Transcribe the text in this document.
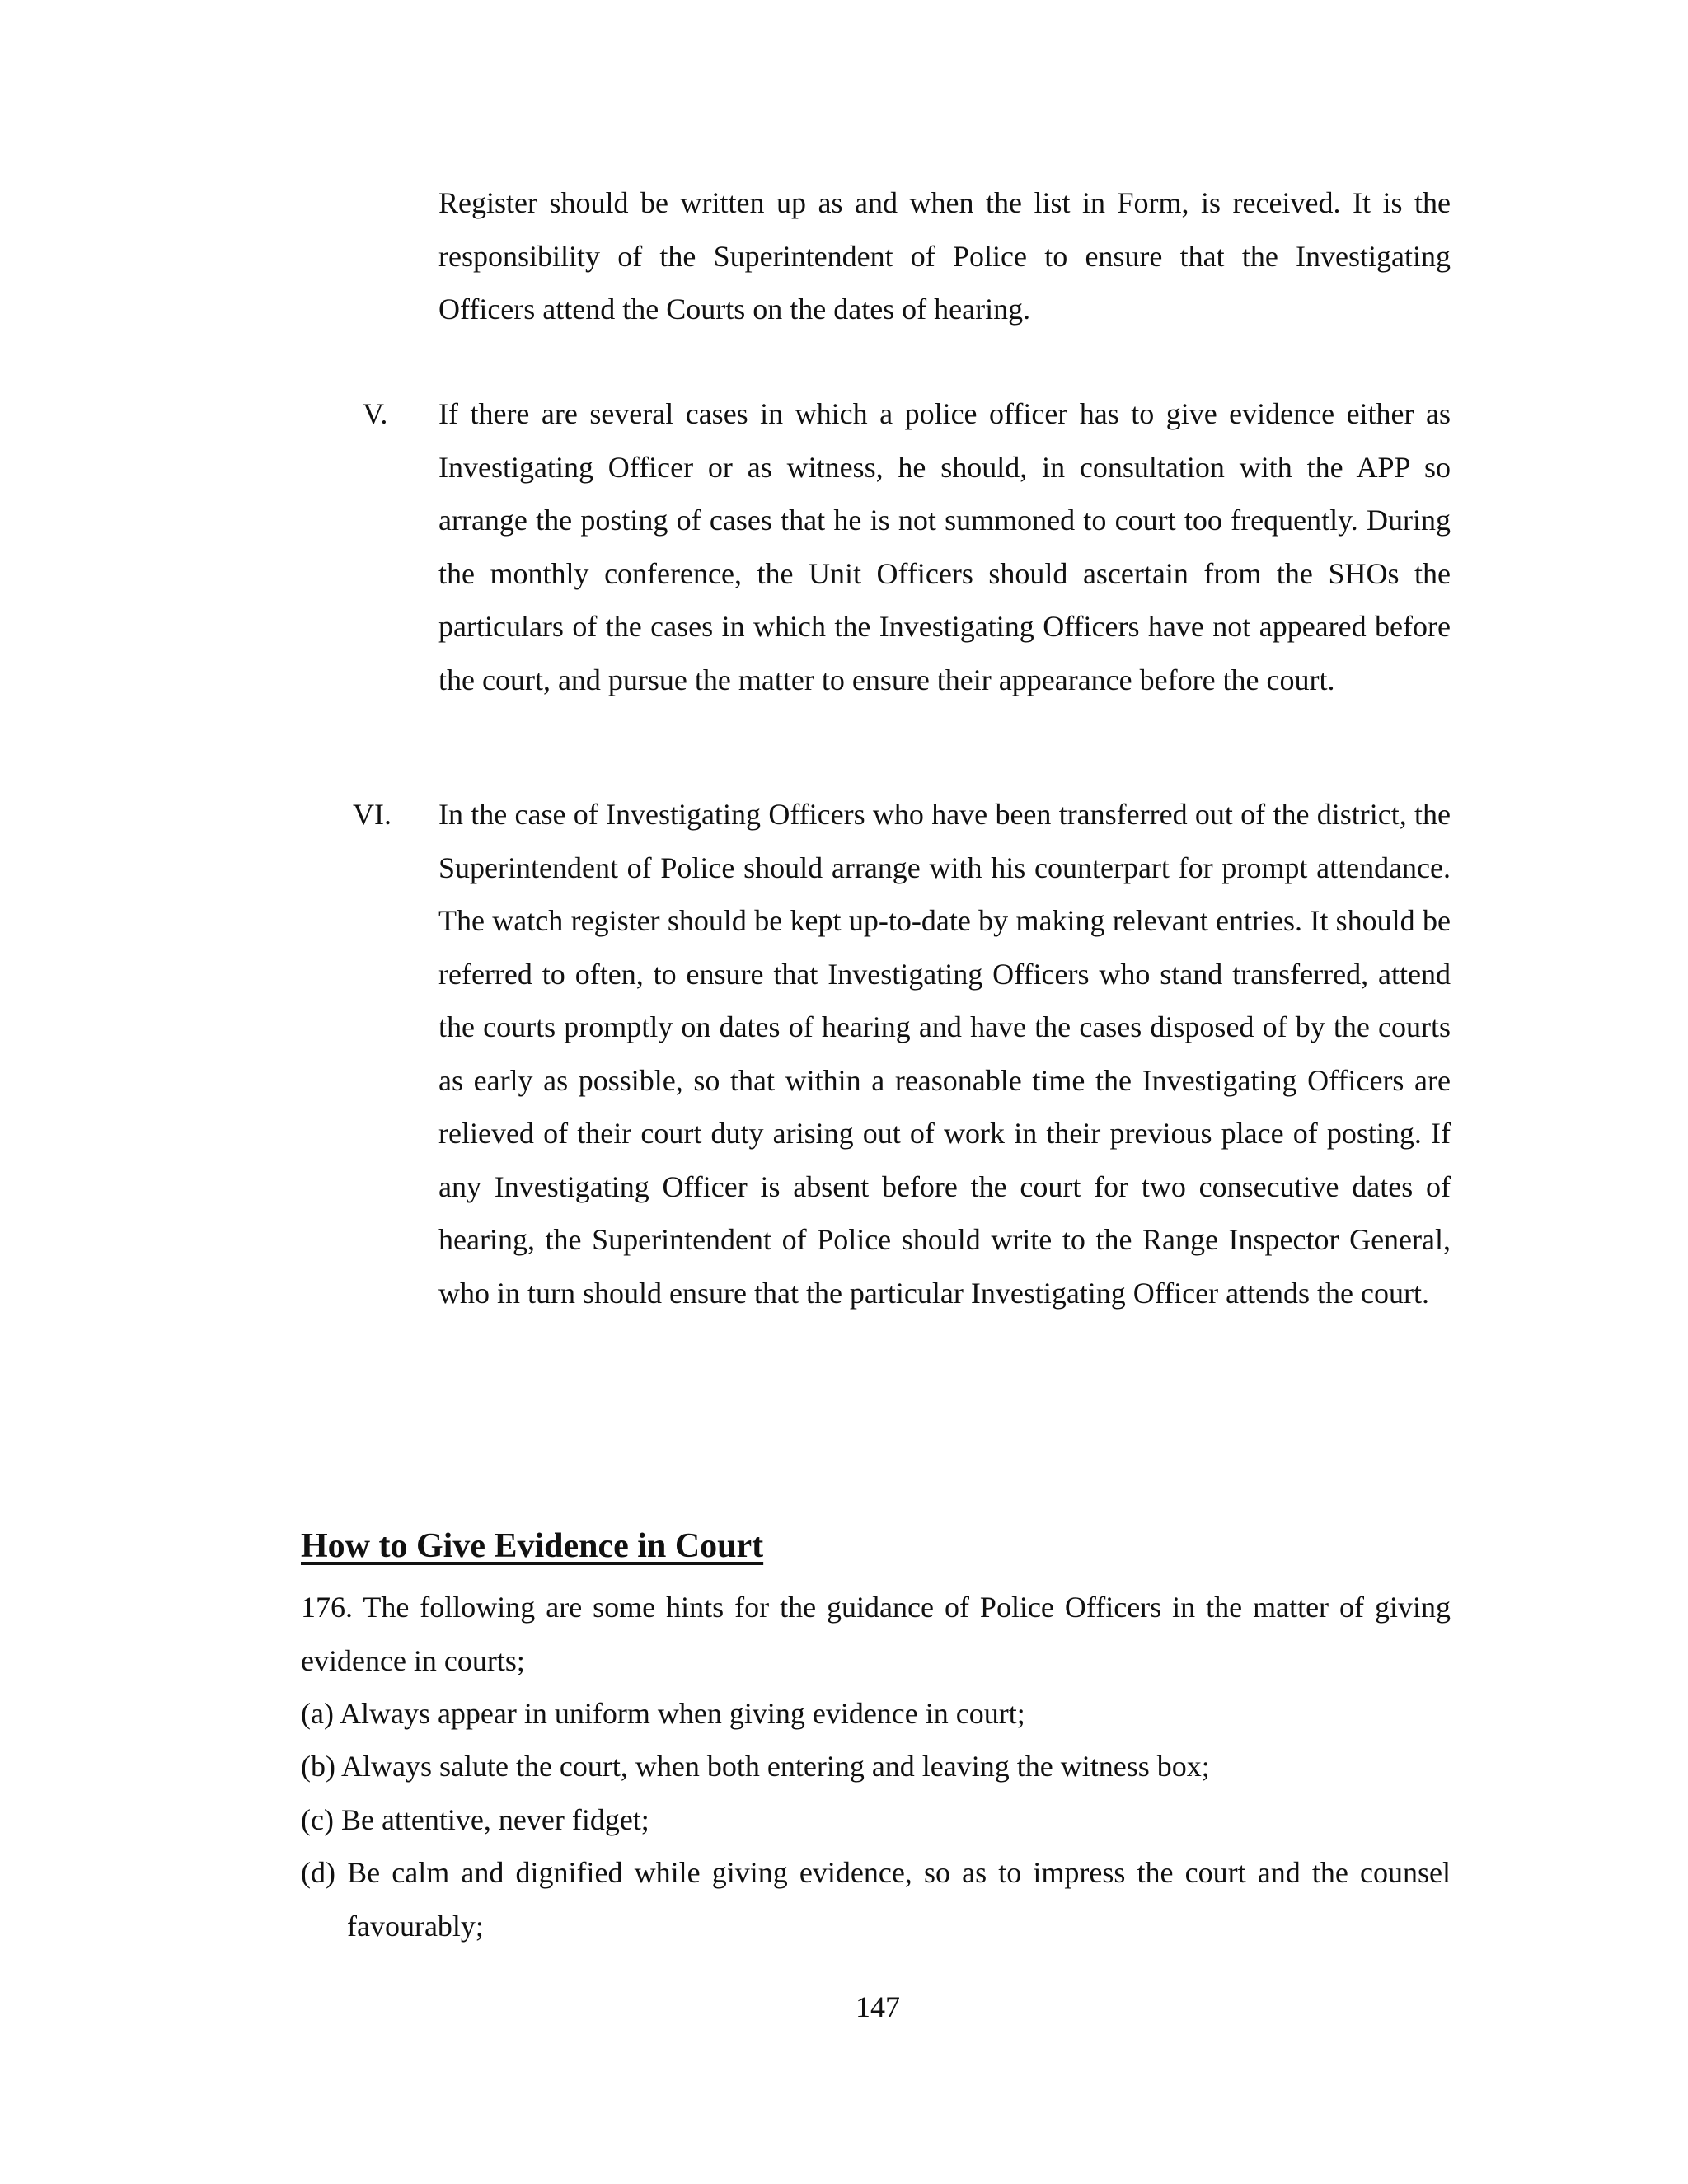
Register should be written up as and when the list in Form, is received. It is the responsibility of the Superintendent of Police to ensure that the Investigating Officers attend the Courts on the dates of hearing.

V. If there are several cases in which a police officer has to give evidence either as Investigating Officer or as witness, he should, in consultation with the APP so arrange the posting of cases that he is not summoned to court too frequently. During the monthly conference, the Unit Officers should ascertain from the SHOs the particulars of the cases in which the Investigating Officers have not appeared before the court, and pursue the matter to ensure their appearance before the court.

VI. In the case of Investigating Officers who have been transferred out of the district, the Superintendent of Police should arrange with his counterpart for prompt attendance. The watch register should be kept up-to-date by making relevant entries. It should be referred to often, to ensure that Investigating Officers who stand transferred, attend the courts promptly on dates of hearing and have the cases disposed of by the courts as early as possible, so that within a reasonable time the Investigating Officers are relieved of their court duty arising out of work in their previous place of posting. If any Investigating Officer is absent before the court for two consecutive dates of hearing, the Superintendent of Police should write to the Range Inspector General, who in turn should ensure that the particular Investigating Officer attends the court.

How to Give Evidence in Court

176. The following are some hints for the guidance of Police Officers in the matter of giving evidence in courts;

(a) Always appear in uniform when giving evidence in court;

(b) Always salute the court, when both entering and leaving the witness box;

(c) Be attentive, never fidget;

(d) Be calm and dignified while giving evidence, so as to impress the court and the counsel favourably;

147
